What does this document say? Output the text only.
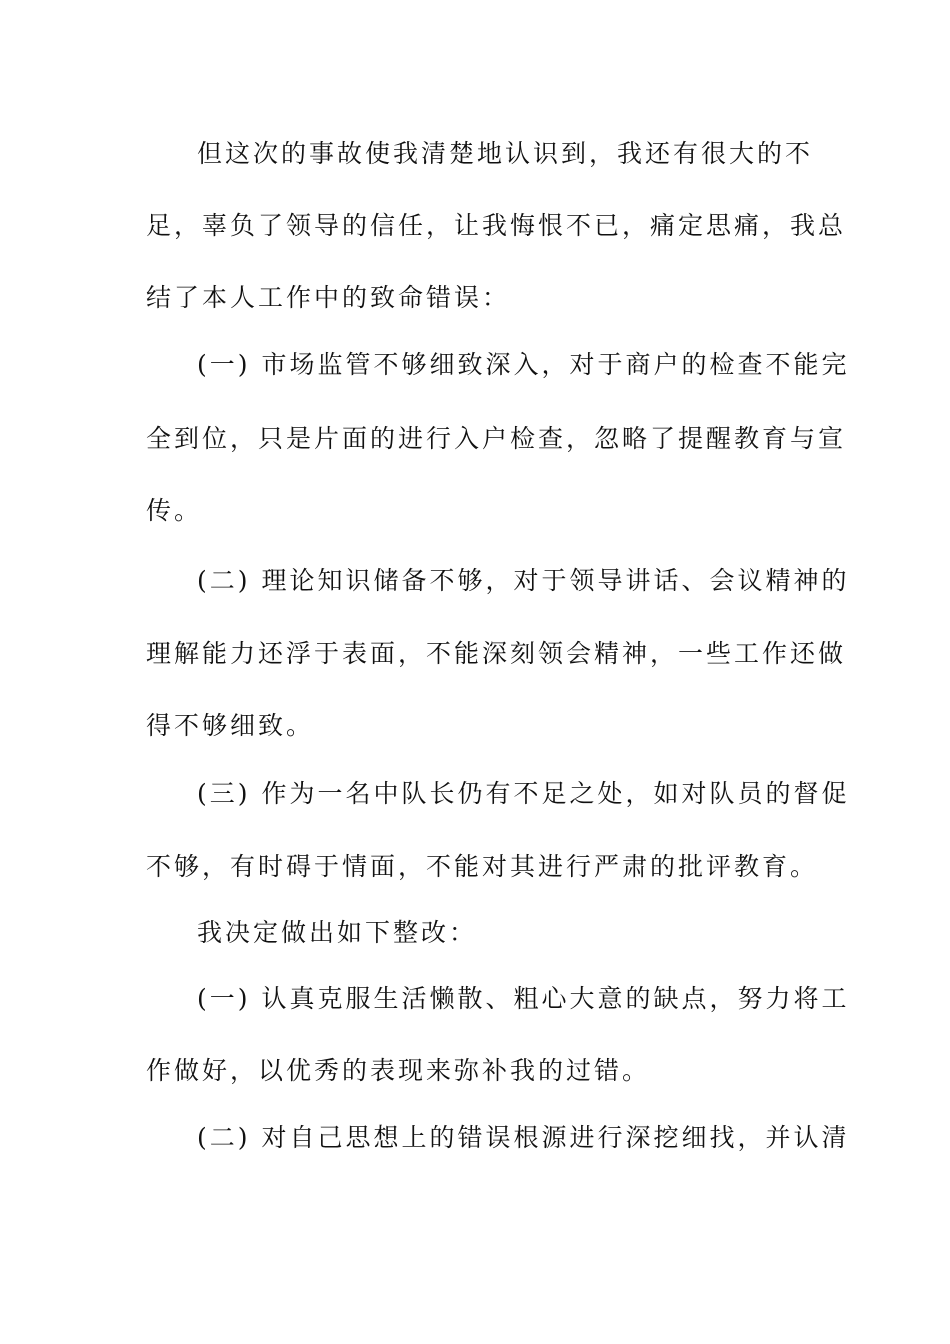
但这次的事故使我清楚地认识到，我还有很大的不
足，辜负了领导的信任，让我悔恨不已，痛定思痛，我总
结了本人工作中的致命错误：
(一) 市场监管不够细致深入，对于商户的检查不能完
全到位，只是片面的进行入户检查，忽略了提醒教育与宣
传。
(二) 理论知识储备不够，对于领导讲话、会议精神的
理解能力还浮于表面，不能深刻领会精神，一些工作还做
得不够细致。
(三) 作为一名中队长仍有不足之处，如对队员的督促
不够，有时碍于情面，不能对其进行严肃的批评教育。
我决定做出如下整改：
(一) 认真克服生活懒散、粗心大意的缺点，努力将工
作做好，以优秀的表现来弥补我的过错。
(二) 对自己思想上的错误根源进行深挖细找，并认清
